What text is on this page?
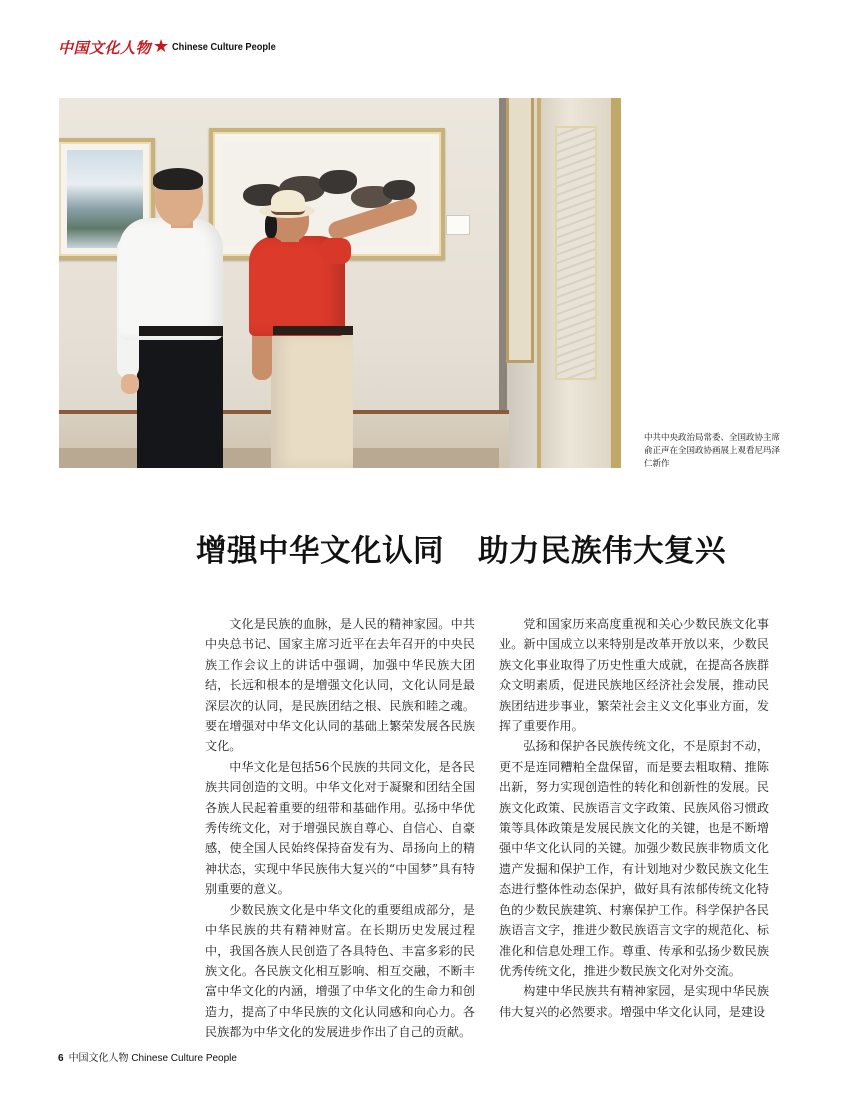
中国文化人物 ★ Chinese Culture People
中共中央政治局常委、全国政协主席俞正声在全国政协画展上观看尼玛泽仁新作
增强中华文化认同 助力民族伟大复兴

文化是民族的血脉，是人民的精神家园。中共中央总书记、国家主席习近平在去年召开的中央民族工作会议上的讲话中强调，加强中华民族大团结，长远和根本的是增强文化认同，文化认同是最深层次的认同，是民族团结之根、民族和睦之魂。要在增强对中华文化认同的基础上繁荣发展各民族文化。

中华文化是包括56个民族的共同文化，是各民族共同创造的文明。中华文化对于凝聚和团结全国各族人民起着重要的纽带和基础作用。弘扬中华优秀传统文化，对于增强民族自尊心、自信心、自豪感，使全国人民始终保持奋发有为、昂扬向上的精神状态，实现中华民族伟大复兴的“中国梦”具有特别重要的意义。

少数民族文化是中华文化的重要组成部分，是中华民族的共有精神财富。在长期历史发展过程中，我国各族人民创造了各具特色、丰富多彩的民族文化。各民族文化相互影响、相互交融，不断丰富中华文化的内涵，增强了中华文化的生命力和创造力，提高了中华民族的文化认同感和向心力。各民族都为中华文化的发展进步作出了自己的贡献。

党和国家历来高度重视和关心少数民族文化事业。新中国成立以来特别是改革开放以来，少数民族文化事业取得了历史性重大成就，在提高各族群众文明素质，促进民族地区经济社会发展，推动民族团结进步事业，繁荣社会主义文化事业方面，发挥了重要作用。

弘扬和保护各民族传统文化，不是原封不动，更不是连同糟粕全盘保留，而是要去粗取精、推陈出新，努力实现创造性的转化和创新性的发展。民族文化政策、民族语言文字政策、民族风俗习惯政策等具体政策是发展民族文化的关键，也是不断增强中华文化认同的关键。加强少数民族非物质文化遗产发掘和保护工作，有计划地对少数民族文化生态进行整体性动态保护，做好具有浓郁传统文化特色的少数民族建筑、村寨保护工作。科学保护各民族语言文字，推进少数民族语言文字的规范化、标准化和信息处理工作。尊重、传承和弘扬少数民族优秀传统文化，推进少数民族文化对外交流。

构建中华民族共有精神家园，是实现中华民族伟大复兴的必然要求。增强中华文化认同，是建设

6 中国文化人物 Chinese Culture People
